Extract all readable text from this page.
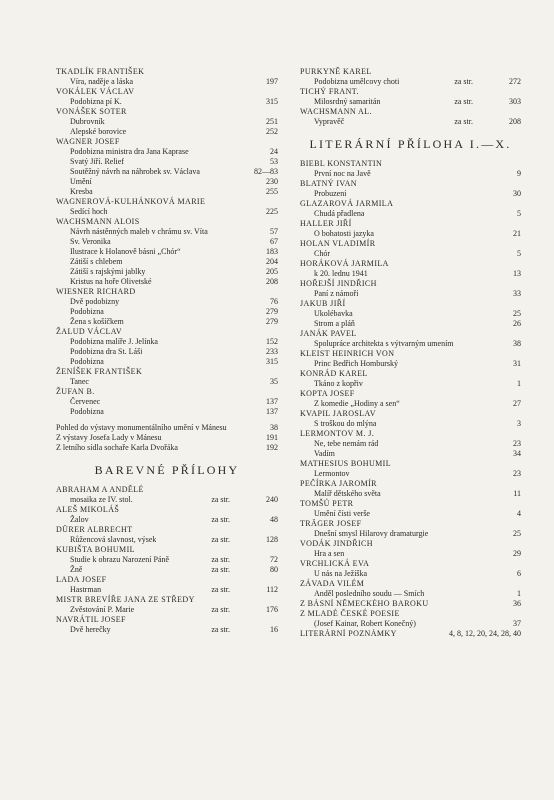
TKADLÍK FRANTIŠEK
Víra, naděje a láska	197
VOKÁLEK VÁCLAV
Podobizna pí K.	315
VONÁŠEK SOTER
Dubrovník	251
Alepské borovice	252
WAGNER JOSEF
Podobizna ministra dra Jana Kaprase	24
Svatý Jiří. Relief	53
Soutěžný návrh na náhrobek sv. Václava	82—83
Umění	230
Kresba	255
WAGNEROVÁ-KULHÁNKOVÁ MARIE
Sedící hoch	225
WACHSMANN ALOIS
Návrh nástěnných maleb v chrámu sv. Víta	57
Sv. Veronika	67
Ilustrace k Holanově básni „Chór“	183
Zátiší s chlebem	204
Zátiší s rajskými jablky	205
Kristus na hoře Olivetské	208
WIESNER RICHARD
Dvě podobizny	76
Podobizna	279
Žena s košíčkem	279
ŽALUD VÁCLAV
Podobizna malíře J. Jelínka	152
Podobizna dra St. Láši	233
Podobizna	315
ŽENÍŠEK FRANTIŠEK
Tanec	35
ŽUFAN B.
Červenec	137
Podobizna	137
Pohled do výstavy monumentálního umění v Mánesu	38
Z výstavy Josefa Lady v Mánesu	191
Z letního sídla sochaře Karla Dvořáka	192
BAREVNÉ PŘÍLOHY
ABRAHAM A ANDĚLÉ
mosaika ze IV. stol.	za str.	240
ALEŠ MIKOLÁŠ
Žalov	za str.	48
DÜRER ALBRECHT
Růžencová slavnost, výsek	za str.	128
KUBIŠTA BOHUMIL
Studie k obrazu Narození Páně	za str.	72
Žně	za str.	80
LADA JOSEF
Hastrman	za str.	112
MISTR BREVÍŘE JANA ZE STŘEDY
Zvěstování P. Marie	za str.	176
NAVRÁTIL JOSEF
Dvě herečky	za str.	16
PURKYNĚ KAREL
Podobizna umělcovy choti	za str.	272
TICHÝ FRANT.
Milosrdný samaritán	za str.	303
WACHSMANN AL.
Vypravěč	za str.	208
LITERÁRNÍ PŘÍLOHA I.—X.
BIEBL KONSTANTIN
První noc na Javě	9
BLATNÝ IVAN
Probuzení	30
GLAZAROVÁ JARMILA
Chudá přadlena	5
HALLER JIŘÍ
O bohatosti jazyka	21
HOLAN VLADIMÍR
Chór	5
HORÁKOVÁ JARMILA
k 20. lednu 1941	13
HOŘEJŠÍ JINDŘICH
Paní z námoří	33
JAKUB JIŘÍ
Ukolébavka	25
Strom a pláň	26
JANÁK PAVEL
Spolupráce architekta s výtvarným umením	38
KLEIST HEINRICH VON
Princ Bedřich Homburský	31
KONRÁD KAREL
Tkáno z kopřiv	1
KOPTA JOSEF
Z komedie „Hodiny a sen“	27
KVAPIL JAROSLAV
S troškou do mlýna	3
LERMONTOV M. J.
Ne, tebe nemám rád	23
Vadím	34
MATHESIUS BOHUMIL
Lermontov	23
PEČÍRKA JAROMÍR
Malíř dětského světa	11
TOMŠŮ PETR
Umění čísti verše	4
TRÄGER JOSEF
Dnešní smysl Hilarovy dramaturgie	25
VODÁK JINDŘICH
Hra a sen	29
VRCHLICKÁ EVA
U nás na Ježíška	6
ZÁVADA VILÉM
Anděl posledního soudu — Smích	1
Z BÁSNÍ NĚMECKÉHO BAROKU	36
Z MLADÉ ČESKÉ POESIE
(Josef Kainar, Robert Konečný)	37
LITERÁRNÍ POZNÁMKY	4, 8, 12, 20, 24, 28, 40
